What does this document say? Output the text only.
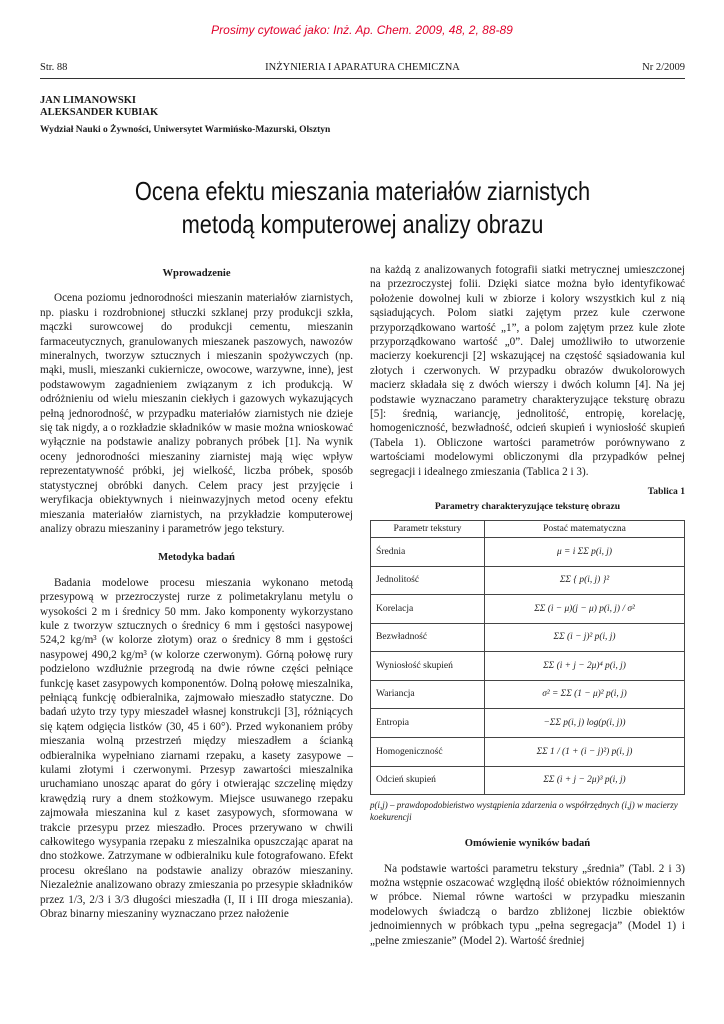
Prosimy cytować jako: Inż. Ap. Chem. 2009, 48, 2, 88-89
Str. 88	INŻYNIERIA I APARATURA CHEMICZNA	Nr 2/2009
JAN LIMANOWSKI
ALEKSANDER KUBIAK
Wydział Nauki o Żywności, Uniwersytet Warmińsko-Mazurski, Olsztyn
Ocena efektu mieszania materiałów ziarnistych
metodą komputerowej analizy obrazu

Wprowadzenie

Ocena poziomu jednorodności mieszanin materiałów ziarnistych, np. piasku i rozdrobnionej stłuczki szklanej przy produkcji szkła, mączki surowcowej do produkcji cementu, mieszanin farmaceutycznych, granulowanych mieszanek paszowych, nawozów mineralnych, tworzyw sztucznych i mieszanin spożywczych (np. mąki, musli, mieszanki cukiernicze, owocowe, warzywne, inne), jest podstawowym zagadnieniem związanym z ich produkcją. W odróżnieniu od wielu mieszanin ciekłych i gazowych wykazujących pełną jednorodność, w przypadku materiałów ziarnistych nie dzieje się tak nigdy, a o rozkładzie składników w masie można wnioskować wyłącznie na podstawie analizy pobranych próbek [1]. Na wynik oceny jednorodności mieszaniny ziarnistej mają więc wpływ reprezentatywność próbki, jej wielkość, liczba próbek, sposób statystycznej obróbki danych. Celem pracy jest przyjęcie i weryfikacja obiektywnych i nieinwazyjnych metod oceny efektu mieszania materiałów ziarnistych, na przykładzie komputerowej analizy obrazu mieszaniny i parametrów jego tekstury.

Metodyka badań

Badania modelowe procesu mieszania wykonano metodą przesypową w przezroczystej rurze z polimetakrylanu metylu o wysokości 2 m i średnicy 50 mm. Jako komponenty wykorzystano kule z tworzyw sztucznych o średnicy 6 mm i gęstości nasypowej 524,2 kg/m³ (w kolorze złotym) oraz o średnicy 8 mm i gęstości nasypowej 490,2 kg/m³ (w kolorze czerwonym). Górną połowę rury podzielono wzdłużnie przegrodą na dwie równe części pełniące funkcję kaset zasypowych komponentów. Dolną połowę mieszalnika, pełniącą funkcję odbieralnika, zajmowało mieszadło statyczne. Do badań użyto trzy typy mieszadeł własnej konstrukcji [3], różniących się kątem odgięcia listków (30, 45 i 60°). Przed wykonaniem próby mieszania wolną przestrzeń między mieszadłem a ścianką odbieralnika wypełniano ziarnami rzepaku, a kasety zasypowe – kulami złotymi i czerwonymi. Przesyp zawartości mieszalnika uruchamiano unosząc aparat do góry i otwierając szczelinę między krawędzią rury a dnem stożkowym. Miejsce usuwanego rzepaku zajmowała mieszanina kul z kaset zasypowych, sformowana w trakcie przesypu przez mieszadło. Proces przerywano w chwili całkowitego wysypania rzepaku z mieszalnika opuszczając aparat na dno stożkowe. Zatrzymane w odbieralniku kule fotografowano. Efekt procesu określano na podstawie analizy obrazów mieszaniny. Niezależnie analizowano obrazy zmieszania po przesypie składników przez 1/3, 2/3 i 3/3 długości mieszadła (I, II i III droga mieszania). Obraz binarny mieszaniny wyznaczano przez nałożenie

na każdą z analizowanych fotografii siatki metrycznej umieszczonej na przezroczystej folii. Dzięki siatce można było identyfikować położenie dowolnej kuli w zbiorze i kolory wszystkich kul z nią sąsiadujących. Polom siatki zajętym przez kule czerwone przyporządkowano wartość „1”, a polom zajętym przez kule złote przyporządkowano wartość „0”. Dalej umożliwiło to utworzenie macierzy koekurencji [2] wskazującej na częstość sąsiadowania kul złotych i czerwonych. W przypadku obrazów dwukolorowych macierz składała się z dwóch wierszy i dwóch kolumn [4]. Na jej podstawie wyznaczano parametry charakteryzujące teksturę obrazu [5]: średnią, wariancję, jednolitość, entropię, korelację, homogeniczność, bezwładność, odcień skupień i wyniosłość skupień (Tabela 1). Obliczone wartości parametrów porównywano z wartościami modelowymi obliczonymi dla przypadków pełnej segregacji i idealnego zmieszania (Tablica 2 i 3).

Tablica 1
Parametry charakteryzujące teksturę obrazu
Parametr tekstury	Postać matematyczna
Średnia	μ = i ΣΣ p(i, j)
Jednolitość	ΣΣ { p(i, j) }²
Korelacja	ΣΣ (i − μ)(j − μ) p(i, j) / σ²
Bezwładność	ΣΣ (i − j)² p(i, j)
Wyniosłość skupień	ΣΣ (i + j − 2μ)⁴ p(i, j)
Wariancja	σ² = ΣΣ (1 − μ)² p(i, j)
Entropia	−ΣΣ p(i, j) log(p(i, j))
Homogeniczność	ΣΣ 1 / (1 + (i − j)²) p(i, j)
Odcień skupień	ΣΣ (i + j − 2μ)³ p(i, j)
p(i,j) – prawdopodobieństwo wystąpienia zdarzenia o współrzędnych (i,j) w macierzy koekurencji

Omówienie wyników badań

Na podstawie wartości parametru tekstury „średnia” (Tabl. 2 i 3) można wstępnie oszacować względną ilość obiektów różnoimiennych w próbce. Niemal równe wartości w przypadku mieszanin modelowych świadczą o bardzo zbliżonej liczbie obiektów jednoimiennych w próbkach typu „pełna segregacja” (Model 1) i „pełne zmieszanie” (Model 2). Wartość średniej
